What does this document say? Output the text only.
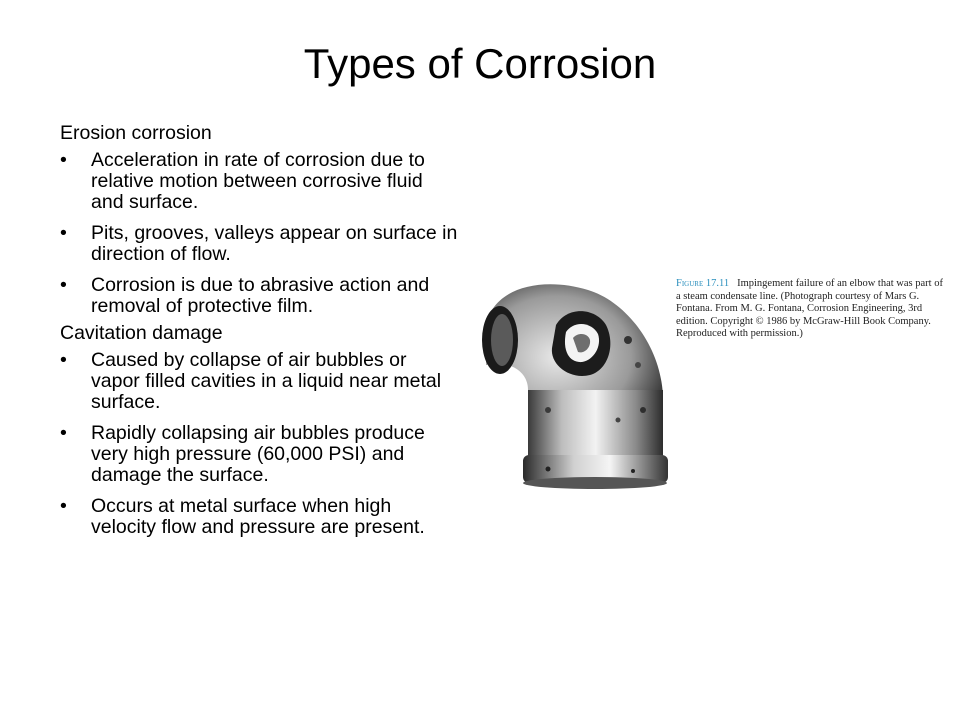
Types of Corrosion
Erosion corrosion
• Acceleration in rate of corrosion due to relative motion between corrosive fluid and surface.
• Pits, grooves, valleys appear on surface in direction of flow.
• Corrosion is due to abrasive action and removal of protective film.
Cavitation damage
• Caused by collapse of air bubbles or vapor filled cavities in a liquid near metal surface.
• Rapidly collapsing air bubbles produce very high pressure (60,000 PSI) and damage the surface.
• Occurs at metal surface when high velocity flow and pressure are present.
Figure 17.11 Impingement failure of an elbow that was part of a steam condensate line. (Photograph courtesy of Mars G. Fontana. From M. G. Fontana, Corrosion Engineering, 3rd edition. Copyright © 1986 by McGraw-Hill Book Company. Reproduced with permission.)
